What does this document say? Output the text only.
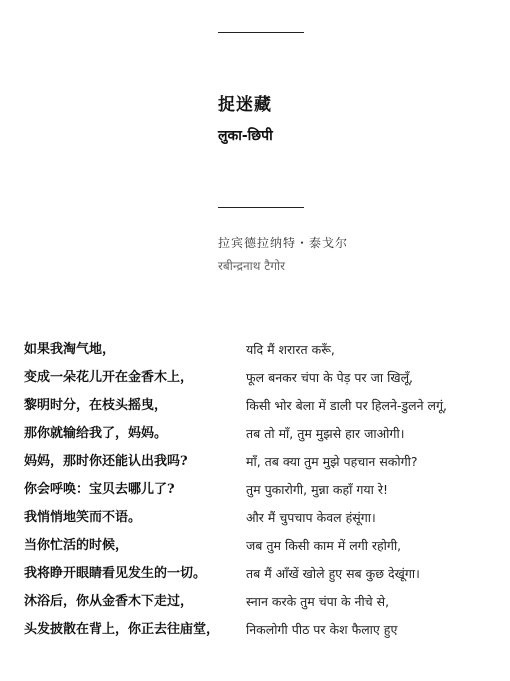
捉迷藏
लुका-छिपी
拉宾德拉纳特・泰戈尔
रबीन्द्रनाथ टैगोर
如果我淘气地，
变成一朵花儿开在金香木上，
黎明时分，在枝头摇曳，
那你就输给我了，妈妈。
妈妈，那时你还能认出我吗?
你会呼唤：宝贝去哪儿了?
我悄悄地笑而不语。
当你忙活的时候，
我将睁开眼睛看见发生的一切。
沐浴后，你从金香木下走过，
头发披散在背上，你正去往庙堂，
यदि मैं शरारत करूँ,
फूल बनकर चंपा के पेड़ पर जा खिलूँ,
किसी भोर बेला में डाली पर हिलने-डुलने लगूं,
तब तो माँ, तुम मुझसे हार जाओगी।
माँ, तब क्या तुम मुझे पहचान सकोगी?
तुम पुकारोगी, मुन्ना कहाँ गया रे!
और मैं चुपचाप केवल हंसूंगा।
जब तुम किसी काम में लगी रहोगी,
तब मैं आँखें खोले हुए सब कुछ देखूंगा।
स्नान करके तुम चंपा के नीचे से,
निकलोगी पीठ पर केश फैलाए हुए
